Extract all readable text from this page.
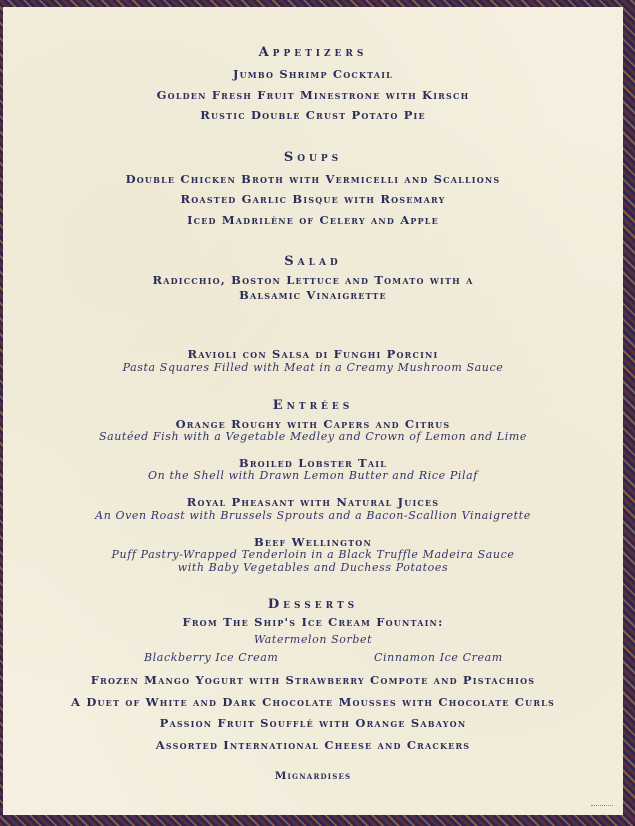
Appetizers
Jumbo Shrimp Cocktail
Golden Fresh Fruit Minestrone with Kirsch
Rustic Double Crust Potato Pie
Soups
Double Chicken Broth with Vermicelli and Scallions
Roasted Garlic Bisque with Rosemary
Iced Madrilène of Celery and Apple
Salad
Radicchio, Boston Lettuce and Tomato with a
Balsamic Vinaigrette
Ravioli con Salsa di Funghi Porcini
Pasta Squares Filled with Meat in a Creamy Mushroom Sauce
Entrées
Orange Roughy with Capers and Citrus
Sautéed Fish with a Vegetable Medley and Crown of Lemon and Lime
Broiled Lobster Tail
On the Shell with Drawn Lemon Butter and Rice Pilaf
Royal Pheasant with Natural Juices
An Oven Roast with Brussels Sprouts and a Bacon-Scallion Vinaigrette
Beef Wellington
Puff Pastry-Wrapped Tenderloin in a Black Truffle Madeira Sauce
with Baby Vegetables and Duchess Potatoes
Desserts
From The Ship's Ice Cream Fountain:
Watermelon Sorbet
Blackberry Ice Cream	Cinnamon Ice Cream
Frozen Mango Yogurt with Strawberry Compote and Pistachios
A Duet of White and Dark Chocolate Mousses with Chocolate Curls
Passion Fruit Soufflé with Orange Sabayon
Assorted International Cheese and Crackers
Mignardises
